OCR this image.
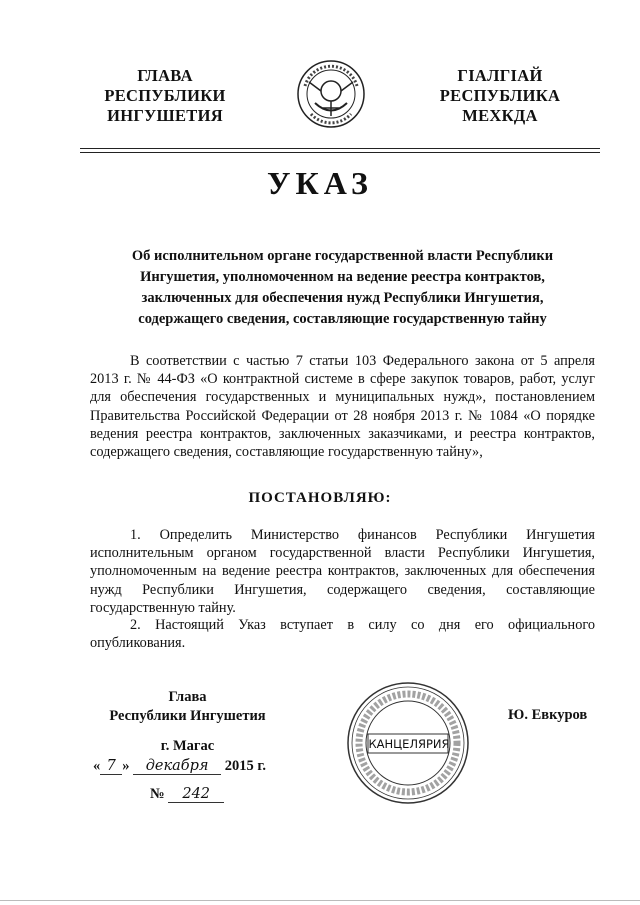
ГЛАВА
РЕСПУБЛИКИ
ИНГУШЕТИЯ
ГIАЛГIАЙ
РЕСПУБЛИКА
МЕХКДА
УКАЗ
Об исполнительном органе государственной власти Республики
Ингушетия, уполномоченном на ведение реестра контрактов,
заключенных для обеспечения нужд Республики Ингушетия,
содержащего сведения, составляющие государственную тайну
В соответствии с частью 7 статьи 103 Федерального закона от 5 апреля 2013 г. № 44-ФЗ «О контрактной системе в сфере закупок товаров, работ, услуг для обеспечения государственных и муниципальных нужд», постановлением Правительства Российской Федерации от 28 ноября 2013 г. № 1084 «О порядке ведения реестра контрактов, заключенных заказчиками, и реестра контрактов, содержащего сведения, составляющие государственную тайну»,
ПОСТАНОВЛЯЮ:
1. Определить Министерство финансов Республики Ингушетия исполнительным органом государственной власти Республики Ингушетия, уполномоченным на ведение реестра контрактов, заключенных для обеспечения нужд Республики Ингушетия, содержащего сведения, составляющие государственную тайну.
2. Настоящий Указ вступает в силу со дня его официального опубликования.
Глава
Республики Ингушетия	Ю. Евкуров
КАНЦЕЛЯРИЯ
г. Магас
« 7 » декабря 2015 г.
№ 242
